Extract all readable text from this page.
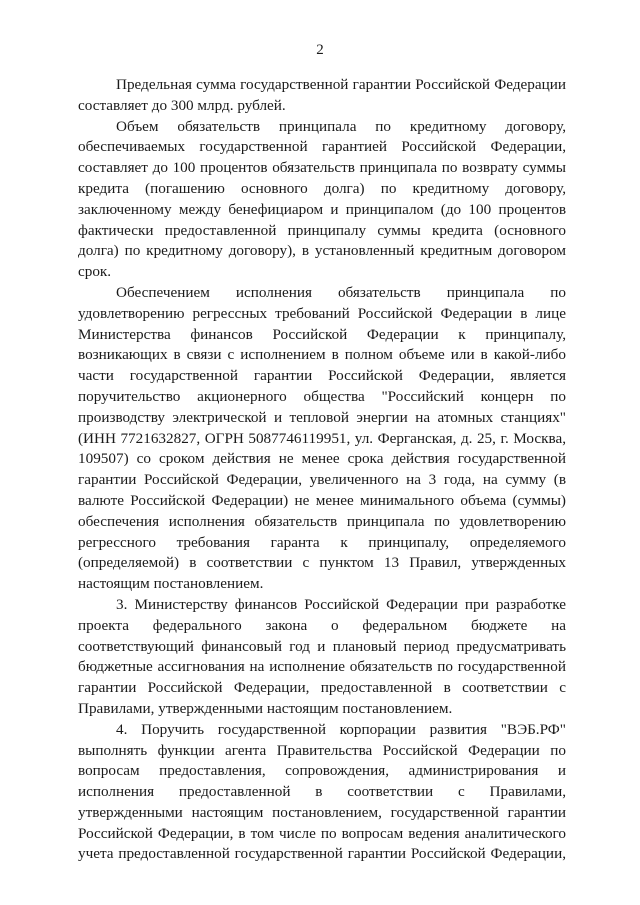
2

Предельная сумма государственной гарантии Российской Федерации составляет до 300 млрд. рублей.

Объем обязательств принципала по кредитному договору, обеспечиваемых государственной гарантией Российской Федерации, составляет до 100 процентов обязательств принципала по возврату суммы кредита (погашению основного долга) по кредитному договору, заключенному между бенефициаром и принципалом (до 100 процентов фактически предоставленной принципалу суммы кредита (основного долга) по кредитному договору), в установленный кредитным договором срок.

Обеспечением исполнения обязательств принципала по удовлетворению регрессных требований Российской Федерации в лице Министерства финансов Российской Федерации к принципалу, возникающих в связи с исполнением в полном объеме или в какой-либо части государственной гарантии Российской Федерации, является поручительство акционерного общества "Российский концерн по производству электрической и тепловой энергии на атомных станциях" (ИНН 7721632827, ОГРН 5087746119951, ул. Ферганская, д. 25, г. Москва, 109507) со сроком действия не менее срока действия государственной гарантии Российской Федерации, увеличенного на 3 года, на сумму (в валюте Российской Федерации) не менее минимального объема (суммы) обеспечения исполнения обязательств принципала по удовлетворению регрессного требования гаранта к принципалу, определяемого (определяемой) в соответствии с пунктом 13 Правил, утвержденных настоящим постановлением.

3. Министерству финансов Российской Федерации при разработке проекта федерального закона о федеральном бюджете на соответствующий финансовый год и плановый период предусматривать бюджетные ассигнования на исполнение обязательств по государственной гарантии Российской Федерации, предоставленной в соответствии с Правилами, утвержденными настоящим постановлением.

4. Поручить государственной корпорации развития "ВЭБ.РФ" выполнять функции агента Правительства Российской Федерации по вопросам предоставления, сопровождения, администрирования и исполнения предоставленной в соответствии с Правилами, утвержденными настоящим постановлением, государственной гарантии Российской Федерации, в том числе по вопросам ведения аналитического учета предоставленной государственной гарантии Российской Федерации,
